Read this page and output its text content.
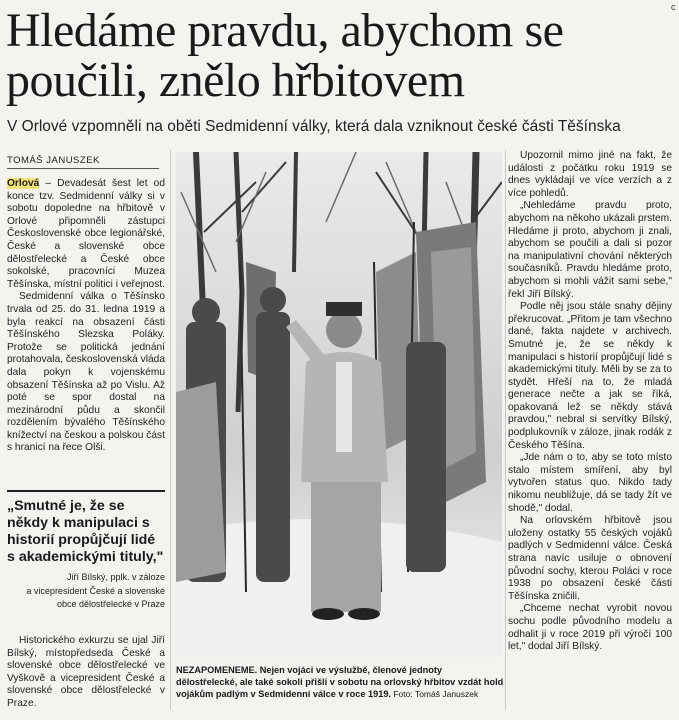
c
Hledáme pravdu, abychom se poučili, znělo hřbitovem

V Orlové vzpomněli na oběti Sedmidenní války, která dala vzniknout české části Těšínska

TOMÁŠ JANUSZEK

Orlová – Devadesát šest let od konce tzv. Sedmidenní války si v sobotu dopoledne na hřbitově v Orlové připomněli zástupci Československé obce legionářské, České a slovenské obce dělostřelecké a České obce sokolské, pracovníci Muzea Těšínska, místní politici i veřejnost.

Sedmidenní válka o Těšínsko trvala od 25. do 31. ledna 1919 a byla reakcí na obsazení části Těšínského Slezska Poláky. Protože se politická jednání protahovala, československá vláda dala pokyn k vojenskému obsazení Těšínska až po Vislu. Až poté se spor dostal na mezinárodní půdu a skončil rozdělením bývalého Těšínského knížectví na českou a polskou část s hranicí na řece Olši.

„Smutné je, že se někdy k manipulaci s historií propůjčují lidé s akademickými tituly,"

Jiří Bílský, pplk. v záloze
a vicepresident České a slovenské
obce dělostřelecké v Praze

Historického exkurzu se ujal Jiří Bílský, místopředseda České a slovenské obce dělostřelecké ve Vyškově a vicepresident České a slovenské obce dělostřelecké v Praze.

Upozornil mimo jiné na fakt, že události z počátku roku 1919 se dnes vykládají ve více verzích a z více pohledů.

„Nehledáme pravdu proto, abychom na někoho ukázali prstem. Hledáme ji proto, abychom ji znali, abychom se poučili a dali si pozor na manipulativní chování některých současníků. Pravdu hledáme proto, abychom si mohli vážit sami sebe," řekl Jiří Bílský.

Podle něj jsou stále snahy dějiny překrucovat. „Přitom je tam všechno dané, fakta najdete v archivech. Smutné je, že se někdy k manipulaci s historií propůjčují lidé s akademickými tituly. Měli by se za to stydět. Hřeší na to, že mladá generace nečte a jak se říká, opakovaná lež se někdy stává pravdou," nebral si servítky Bílský, podplukovník v záloze, jinak rodák z Českého Těšína.

„Jde nám o to, aby se toto místo stalo místem smíření, aby byl vytvořen status quo. Nikdo tady nikomu neubližuje, dá se tady žít ve shodě," dodal.

Na orlovském hřbitově jsou uloženy ostatky 55 českých vojáků padlých v Sedmidenní válce. Česká strana navíc usiluje o obnovení původní sochy, kterou Poláci v roce 1938 po obsazení české části Těšínska zničili.

„Chceme nechat vyrobit novou sochu podle původního modelu a odhalit ji v roce 2019 při výročí 100 let," dodal Jiří Bílský.

NEZAPOMENEME. Nejen vojáci ve výslužbě, členové jednoty dělostřelecké, ale také sokoli přišli v sobotu na orlovský hřbitov vzdát hold vojákům padlým v Sedmidenní válce v roce 1919. Foto: Tomáš Januszek
